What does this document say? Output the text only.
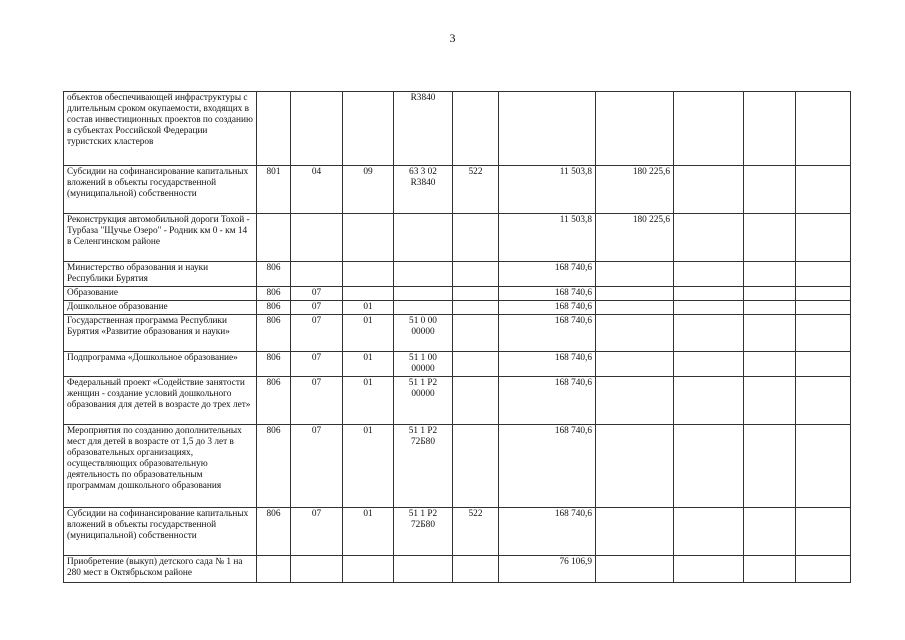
3
объектов обеспечивающей инфраструктуры с длительным сроком окупаемости, входящих в состав инвестиционных проектов по созданию в субъектах Российской Федерации туристских кластеров				R3840						
Субсидии на софинансирование капитальных вложений в объекты государственной (муниципальной) собственности	801	04	09	63 3 02 R3840	522	11 503,8	180 225,6			
Реконструкция автомобильной дороги Тохой - Турбаза "Щучье Озеро" - Родник км 0 - км 14 в Селенгинском районе						11 503,8	180 225,6			
Министерство образования и науки Республики Бурятия	806					168 740,6				
Образование	806	07				168 740,6				
Дошкольное образование	806	07	01			168 740,6				
Государственная программа Республики Бурятия «Развитие образования и науки»	806	07	01	51 0 00 00000		168 740,6				
Подпрограмма «Дошкольное образование»	806	07	01	51 1 00 00000		168 740,6				
Федеральный проект «Содействие занятости женщин - создание условий дошкольного образования для детей в возрасте до трех лет»	806	07	01	51 1 P2 00000		168 740,6				
Мероприятия по созданию дополнительных мест для детей в возрасте от 1,5 до 3 лет в образовательных организациях, осуществляющих образовательную деятельность по образовательным программам дошкольного образования	806	07	01	51 1 P2 72Б80		168 740,6				
Субсидии на софинансирование капитальных вложений в объекты государственной (муниципальной) собственности	806	07	01	51 1 P2 72Б80	522	168 740,6				
Приобретение (выкуп) детского сада № 1 на 280 мест в Октябрьском районе						76 106,9				
